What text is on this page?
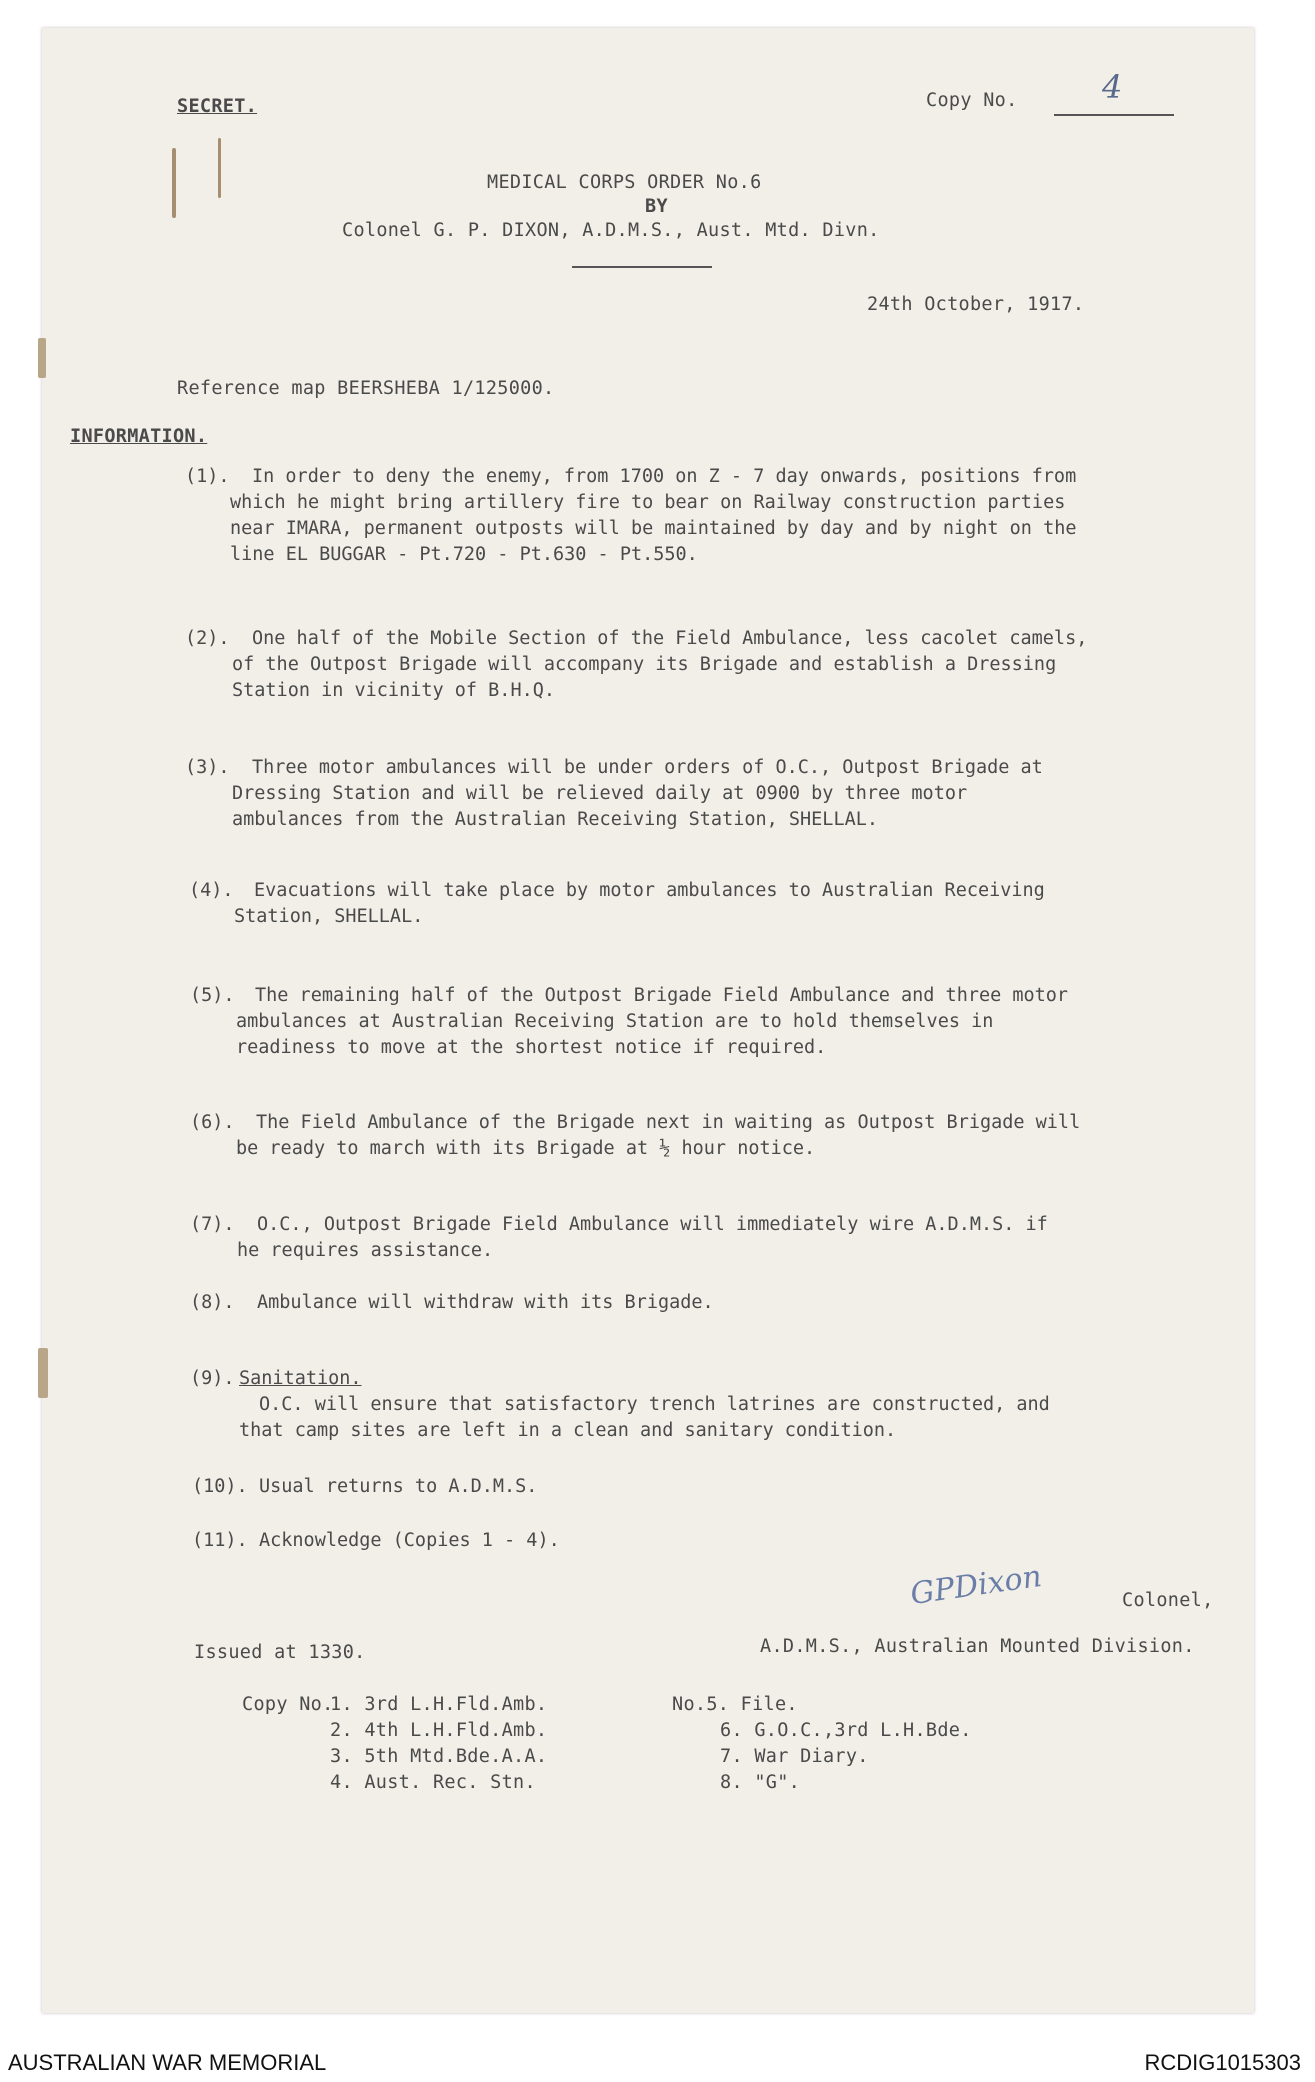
SECRET.	Copy No.	4
MEDICAL CORPS ORDER No.6
BY
Colonel G. P. DIXON, A.D.M.S., Aust. Mtd. Divn.
24th October, 1917.
Reference map BEERSHEBA 1/125000.
INFORMATION.
(1).	In order to deny the enemy, from 1700 on Z - 7 day onwards, positions from
which he might bring artillery fire to bear on Railway construction parties
near IMARA, permanent outposts will be maintained by day and by night on the
line EL BUGGAR - Pt.720 - Pt.630 - Pt.550.
(2).	One half of the Mobile Section of the Field Ambulance, less cacolet camels,
of the Outpost Brigade will accompany its Brigade and establish a Dressing
Station in vicinity of B.H.Q.
(3).	Three motor ambulances will be under orders of O.C., Outpost Brigade at
Dressing Station and will be relieved daily at 0900 by three motor
ambulances from the Australian Receiving Station, SHELLAL.
(4).	Evacuations will take place by motor ambulances to Australian Receiving
Station, SHELLAL.
(5).	The remaining half of the Outpost Brigade Field Ambulance and three motor
ambulances at Australian Receiving Station are to hold themselves in
readiness to move at the shortest notice if required.
(6).	The Field Ambulance of the Brigade next in waiting as Outpost Brigade will
be ready to march with its Brigade at ½ hour notice.
(7).	O.C., Outpost Brigade Field Ambulance will immediately wire A.D.M.S. if
he requires assistance.
(8).	Ambulance will withdraw with its Brigade.
(9). Sanitation.
O.C. will ensure that satisfactory trench latrines are constructed, and
that camp sites are left in a clean and sanitary condition.
(10). Usual returns to A.D.M.S.
(11). Acknowledge (Copies 1 - 4).
GPDixon	Colonel,
Issued at 1330.	A.D.M.S., Australian Mounted Division.
Copy No.
1. 3rd L.H.Fld.Amb.
2. 4th L.H.Fld.Amb.
3. 5th Mtd.Bde.A.A.
4. Aust. Rec. Stn.
No.5. File.
6. G.O.C.,3rd L.H.Bde.
7. War Diary.
8. "G".
AUSTRALIAN WAR MEMORIAL	RCDIG1015303
